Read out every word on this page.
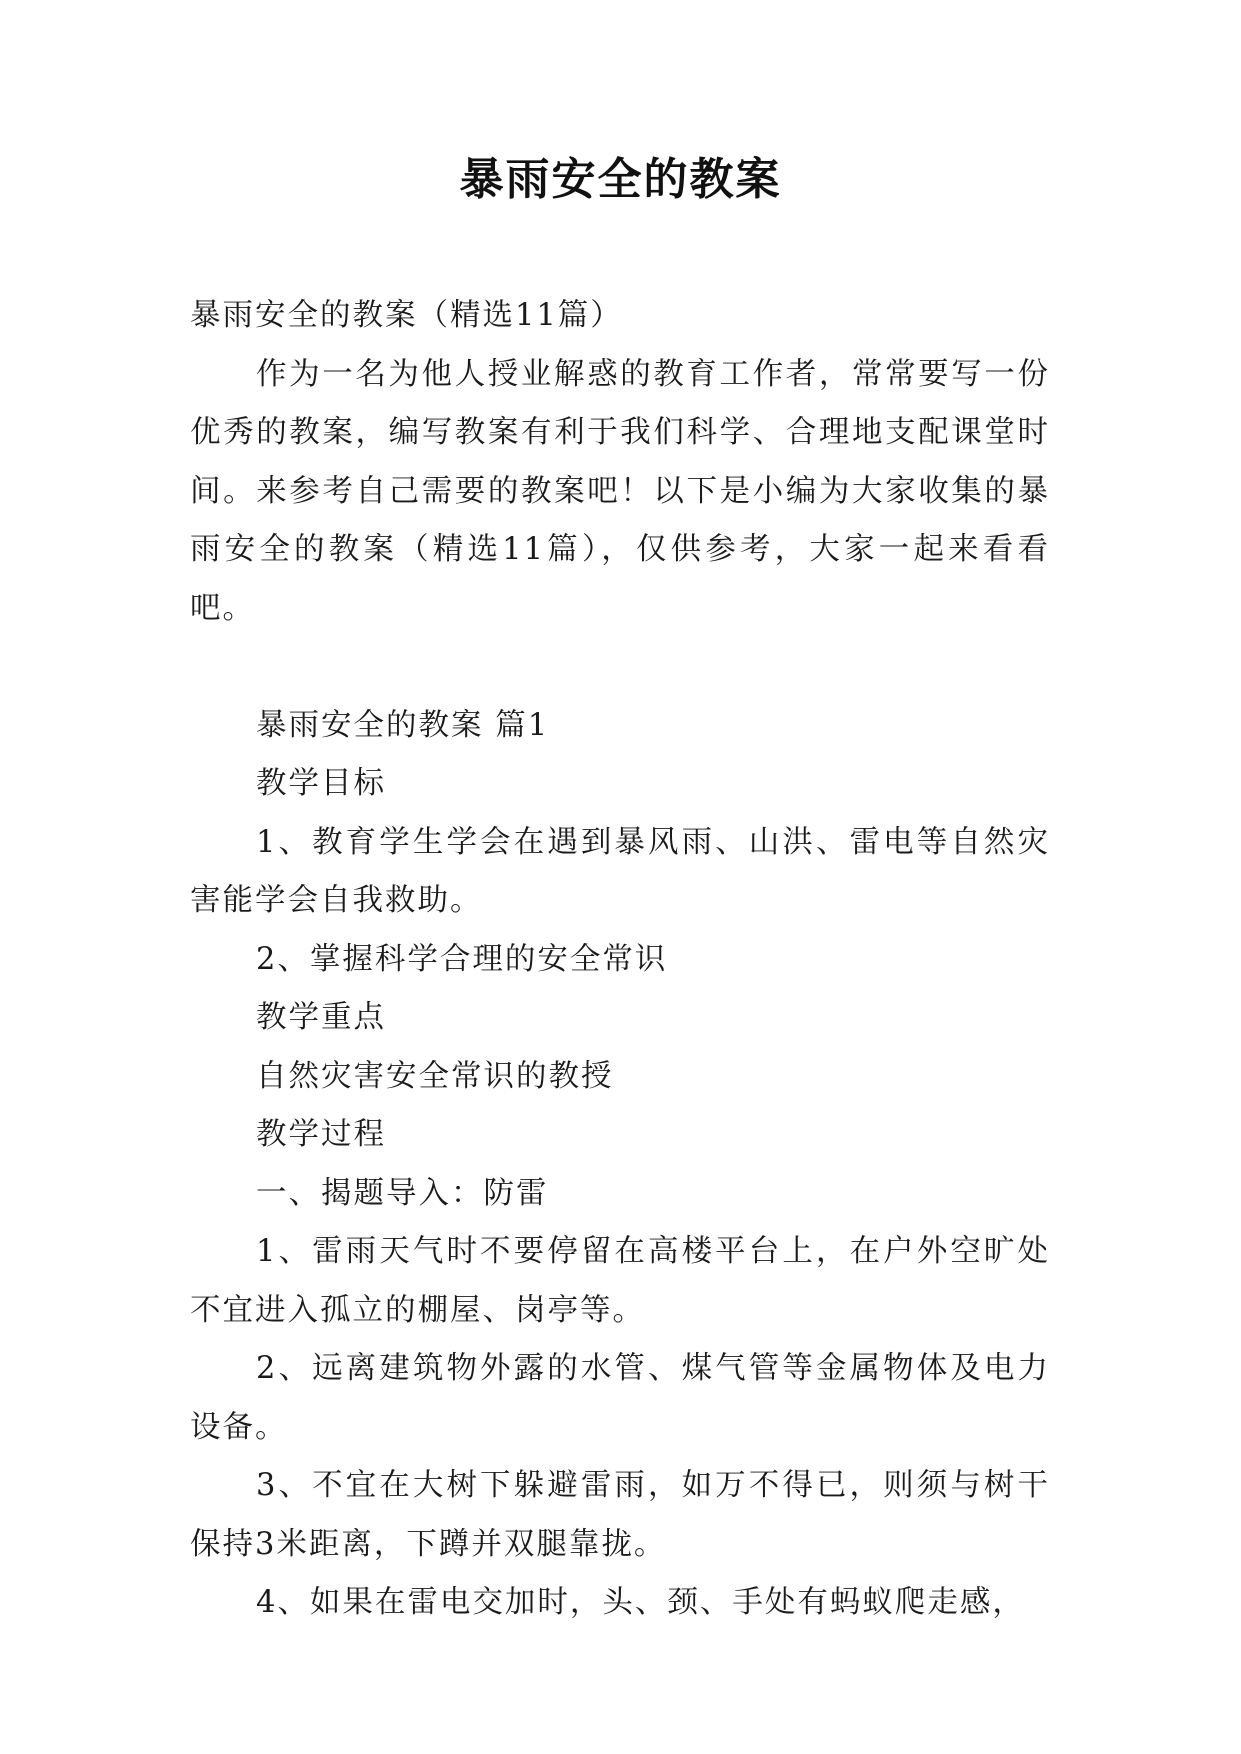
暴雨安全的教案

暴雨安全的教案（精选11篇）

作为一名为他人授业解惑的教育工作者，常常要写一份优秀的教案，编写教案有利于我们科学、合理地支配课堂时间。来参考自己需要的教案吧！以下是小编为大家收集的暴雨安全的教案（精选11篇），仅供参考，大家一起来看看吧。

暴雨安全的教案 篇1

教学目标

1、教育学生学会在遇到暴风雨、山洪、雷电等自然灾害能学会自我救助。

2、掌握科学合理的安全常识

教学重点

自然灾害安全常识的教授

教学过程

一、揭题导入：防雷

1、雷雨天气时不要停留在高楼平台上，在户外空旷处不宜进入孤立的棚屋、岗亭等。

2、远离建筑物外露的水管、煤气管等金属物体及电力设备。

3、不宜在大树下躲避雷雨，如万不得已，则须与树干保持3米距离，下蹲并双腿靠拢。

4、如果在雷电交加时，头、颈、手处有蚂蚁爬走感，
